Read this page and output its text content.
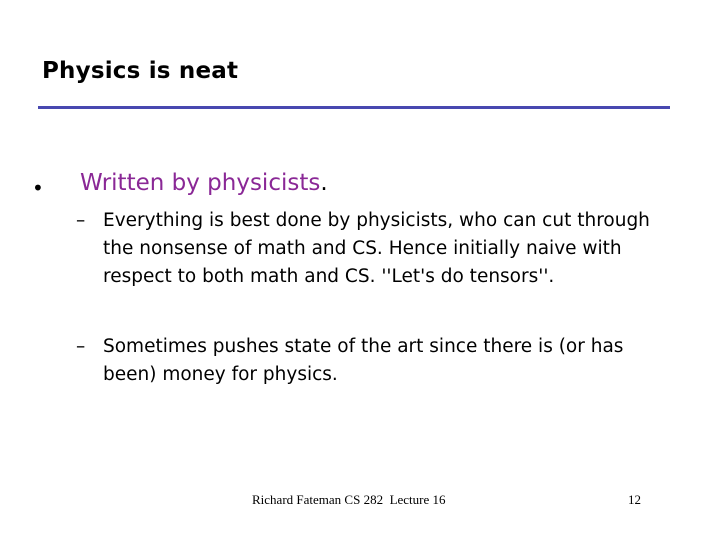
Physics is neat
• Written by physicists.
– Everything is best done by physicists, who can cut through the nonsense of math and CS. Hence initially naive with respect to both math and CS. ''Let's do tensors''.
– Sometimes pushes state of the art since there is (or has been) money for physics.
Richard Fateman CS 282  Lecture 16	12
